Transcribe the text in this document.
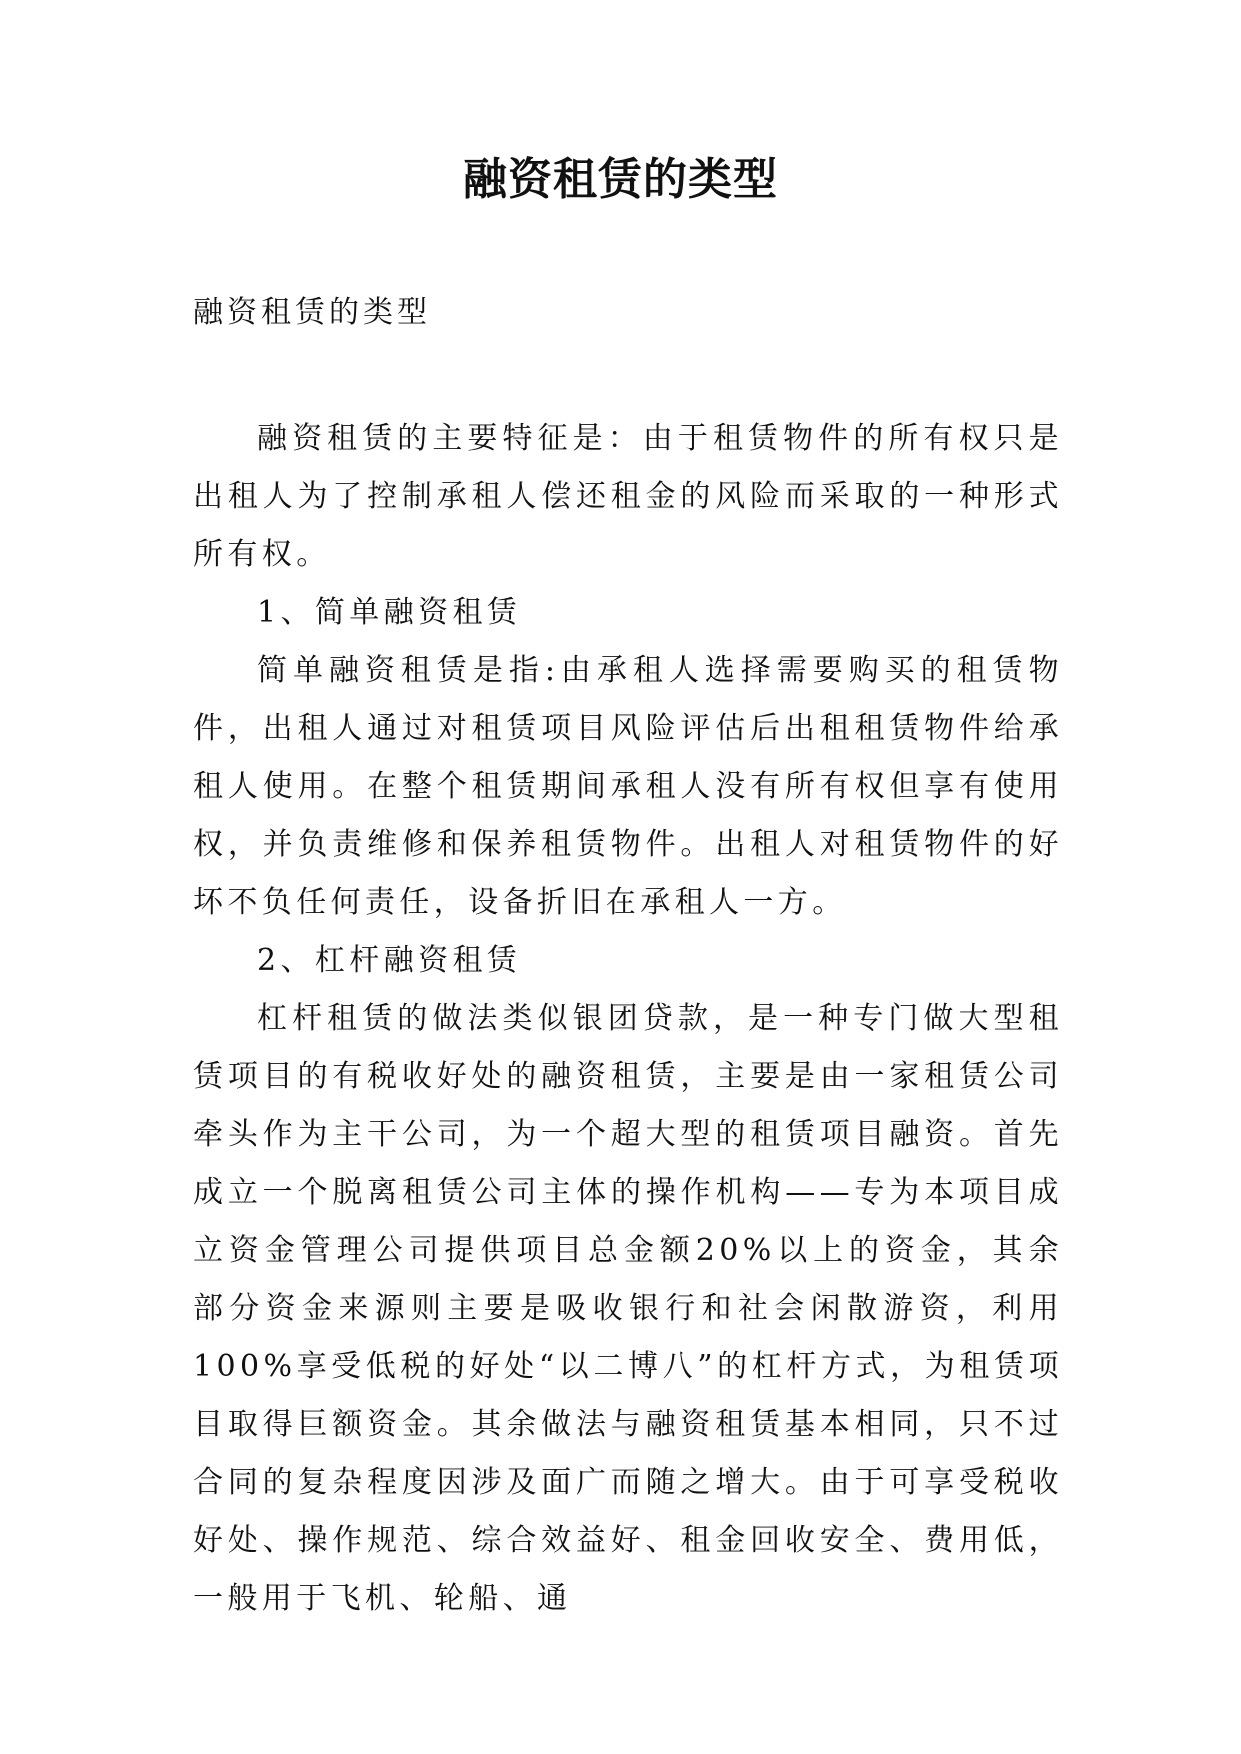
融资租赁的类型
融资租赁的类型

融资租赁的主要特征是：由于租赁物件的所有权只是出租人为了控制承租人偿还租金的风险而采取的一种形式所有权。

1、简单融资租赁

简单融资租赁是指:由承租人选择需要购买的租赁物件，出租人通过对租赁项目风险评估后出租租赁物件给承租人使用。在整个租赁期间承租人没有所有权但享有使用权，并负责维修和保养租赁物件。出租人对租赁物件的好坏不负任何责任，设备折旧在承租人一方。

2、杠杆融资租赁

杠杆租赁的做法类似银团贷款，是一种专门做大型租赁项目的有税收好处的融资租赁，主要是由一家租赁公司牵头作为主干公司，为一个超大型的租赁项目融资。首先成立一个脱离租赁公司主体的操作机构——专为本项目成立资金管理公司提供项目总金额20%以上的资金，其余部分资金来源则主要是吸收银行和社会闲散游资，利用100%享受低税的好处“以二博八”的杠杆方式，为租赁项目取得巨额资金。其余做法与融资租赁基本相同，只不过合同的复杂程度因涉及面广而随之增大。由于可享受税收好处、操作规范、综合效益好、租金回收安全、费用低，一般用于飞机、轮船、通
